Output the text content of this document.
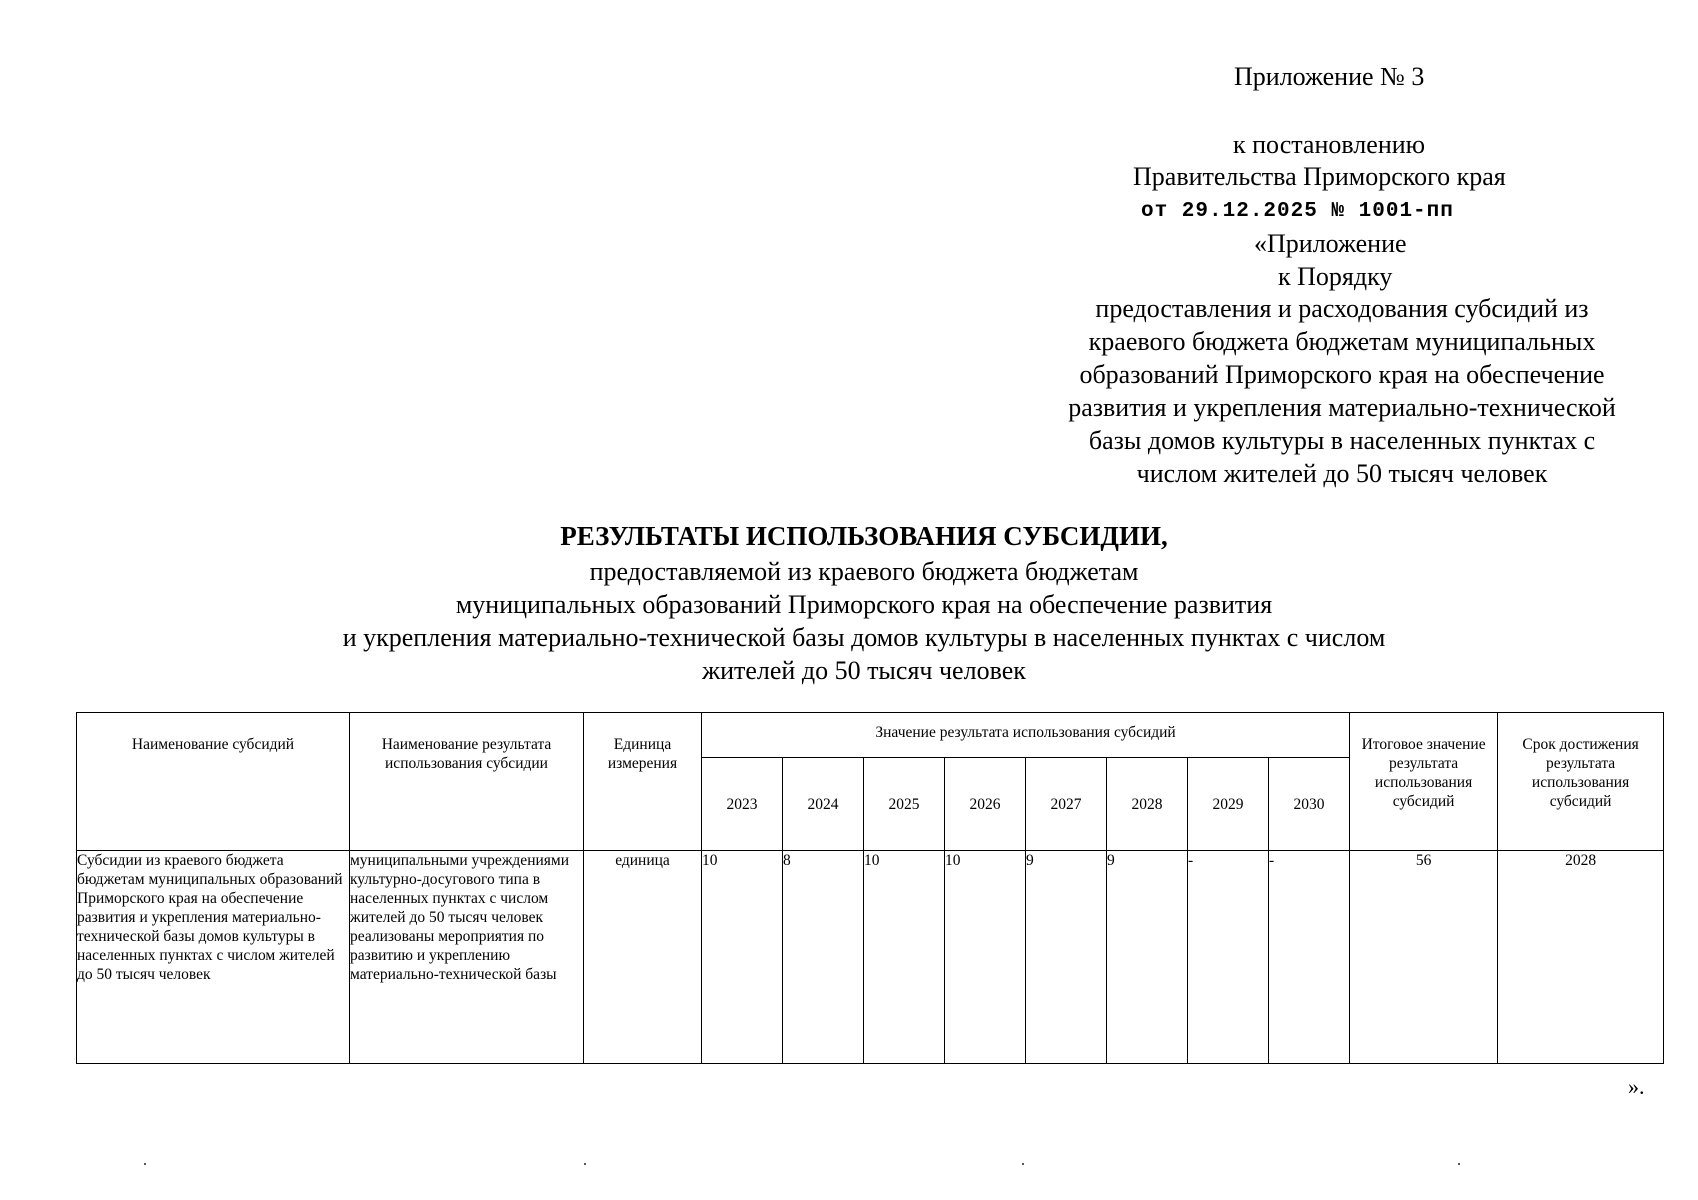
Приложение № 3
к постановлению
Правительства Приморского края
от 29.12.2025 № 1001-пп
«Приложение
к Порядку
предоставления и расходования субсидий из
краевого бюджета бюджетам муниципальных
образований Приморского края на обеспечение
развития и укрепления материально-технической
базы домов культуры в населенных пунктах с
числом жителей до 50 тысяч человек
РЕЗУЛЬТАТЫ ИСПОЛЬЗОВАНИЯ СУБСИДИИ,
предоставляемой из краевого бюджета бюджетам
муниципальных образований Приморского края на обеспечение развития
и укрепления материально-технической базы домов культуры в населенных пунктах с числом
жителей до 50 тысяч человек
Наименование субсидий	Наименование результата использования субсидии	Единица измерения	Значение результата использования субсидий								Итоговое значение результата использования субсидий	Срок достижения результата использования субсидий
			2023	2024	2025	2026	2027	2028	2029	2030		
Субсидии из краевого бюджета бюджетам муниципальных образований Приморского края на обеспечение развития и укрепления материально-технической базы домов культуры в населенных пунктах с числом жителей до 50 тысяч человек	муниципальными учреждениями культурно-досугового типа в населенных пунктах с числом жителей до 50 тысяч человек реализованы мероприятия по развитию и укреплению материально-технической базы	единица	10	8	10	10	9	9	-	-	56	2028
».
